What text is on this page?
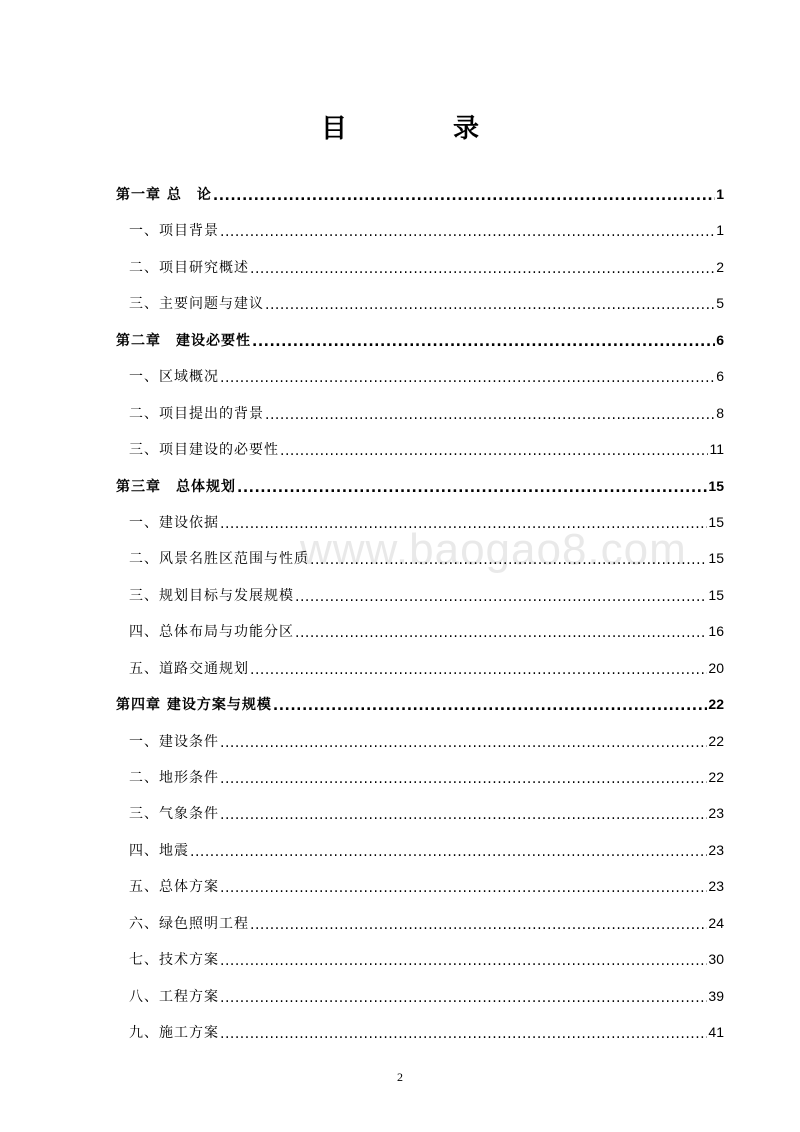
目　录
www.baogao8.com
第一章 总　论 .....	1
一、项目背景 .....	1
二、项目研究概述 .....	2
三、主要问题与建议 .....	5
第二章　建设必要性 .....	6
一、区域概况 .....	6
二、项目提出的背景 .....	8
三、项目建设的必要性 .....	11
第三章　总体规划 .....	15
一、建设依据 .....	15
二、风景名胜区范围与性质 .....	15
三、规划目标与发展规模 .....	15
四、总体布局与功能分区 .....	16
五、道路交通规划 .....	20
第四章 建设方案与规模 .....	22
一、建设条件 .....	22
二、地形条件 .....	22
三、气象条件 .....	23
四、地震 .....	23
五、总体方案 .....	23
六、绿色照明工程 .....	24
七、技术方案 .....	30
八、工程方案 .....	39
九、施工方案 .....	41
2
